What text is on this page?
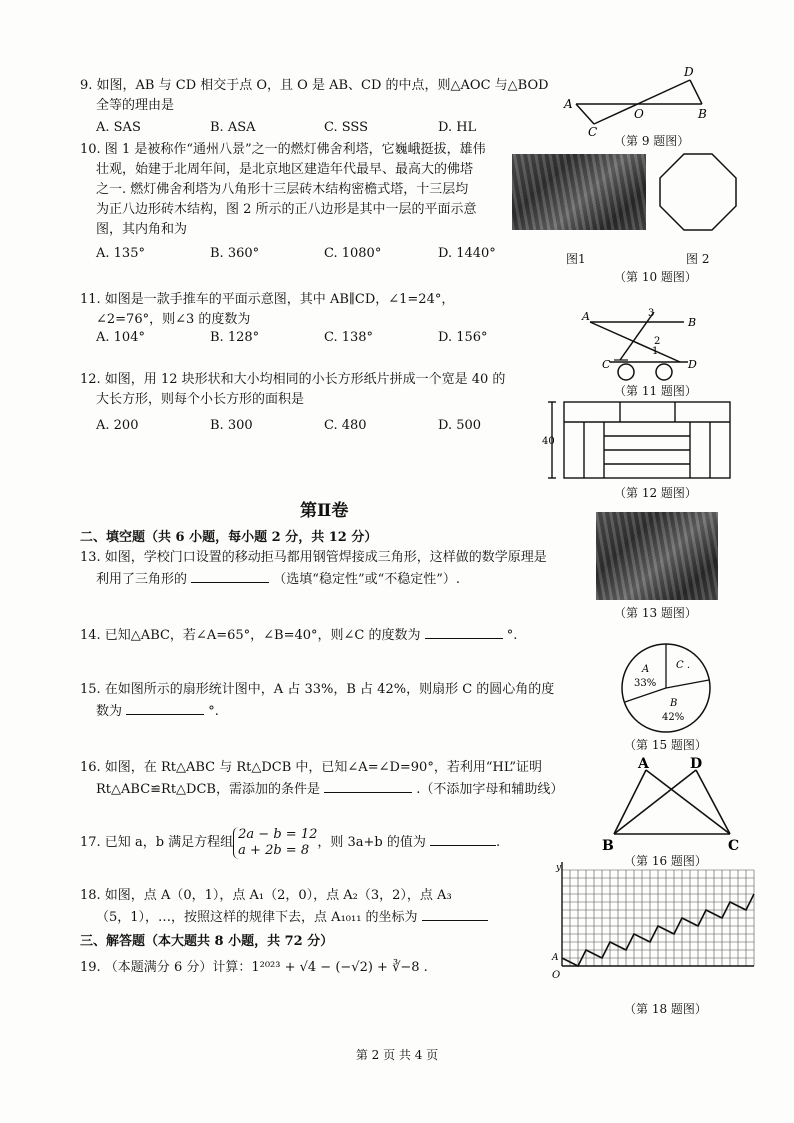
9. 如图，AB 与 CD 相交于点 O，且 O 是 AB、CD 的中点，则△AOC 与△BOD
全等的理由是
A. SAS	B. ASA	C. SSS	D. HL
A
B
C
D
O
（第 9 题图）
10. 图 1 是被称作“通州八景”之一的燃灯佛舍利塔，它巍峨挺拔，雄伟
壮观，始建于北周年间，是北京地区建造年代最早、最高大的佛塔
之一. 燃灯佛舍利塔为八角形十三层砖木结构密檐式塔，十三层均
为正八边形砖木结构，图 2 所示的正八边形是其中一层的平面示意
图，其内角和为
A. 135°	B. 360°	C. 1080°	D. 1440°	图1	图 2
（第 10 题图）
11. 如图是一款手推车的平面示意图，其中 AB∥CD，∠1=24°，
∠2=76°，则∠3 的度数为
A. 104°	B. 128°	C. 138°	D. 156°
A	B
C	D
1
2
3
（第 11 题图）
12. 如图，用 12 块形状和大小均相同的小长方形纸片拼成一个宽是 40 的
大长方形，则每个小长方形的面积是
A. 200	B. 300	C. 480	D. 500
40
（第 12 题图）
第Ⅱ卷
二、填空题（共 6 小题，每小题 2 分，共 12 分）
13. 如图，学校门口设置的移动拒马都用钢管焊接成三角形，这样做的数学原理是
利用了三角形的	（选填“稳定性”或“不稳定性”）.
（第 13 题图）
14. 已知△ABC，若∠A=65°，∠B=40°，则∠C 的度数为	°.
15. 在如图所示的扇形统计图中，A 占 33%，B 占 42%，则扇形 C 的圆心角的度
数为	°.
A
33%
C .
B
42%
（第 15 题图）
16. 如图，在 Rt△ABC 与 Rt△DCB 中，已知∠A=∠D=90°，若利用“HL”证明
Rt△ABC≌Rt△DCB，需添加的条件是	.（不添加字母和辅助线）
A	D
B	C
（第 16 题图）
17. 已知 a，b 满足方程组
2a − b = 12
a + 2b = 8 ，则 3a+b 的值为	.
18. 如图，点 A（0，1），点 A₁（2，0），点 A₂（3，2），点 A₃
（5，1），…，按照这样的规律下去，点 A₁₀₁₁ 的坐标为
y
O
A
（第 18 题图）
三、解答题（本大题共 8 小题，共 72 分）
19. （本题满分 6 分）计算：1²⁰²³ + √4 − (−√2) + ∛−8 .
第 2 页 共 4 页
